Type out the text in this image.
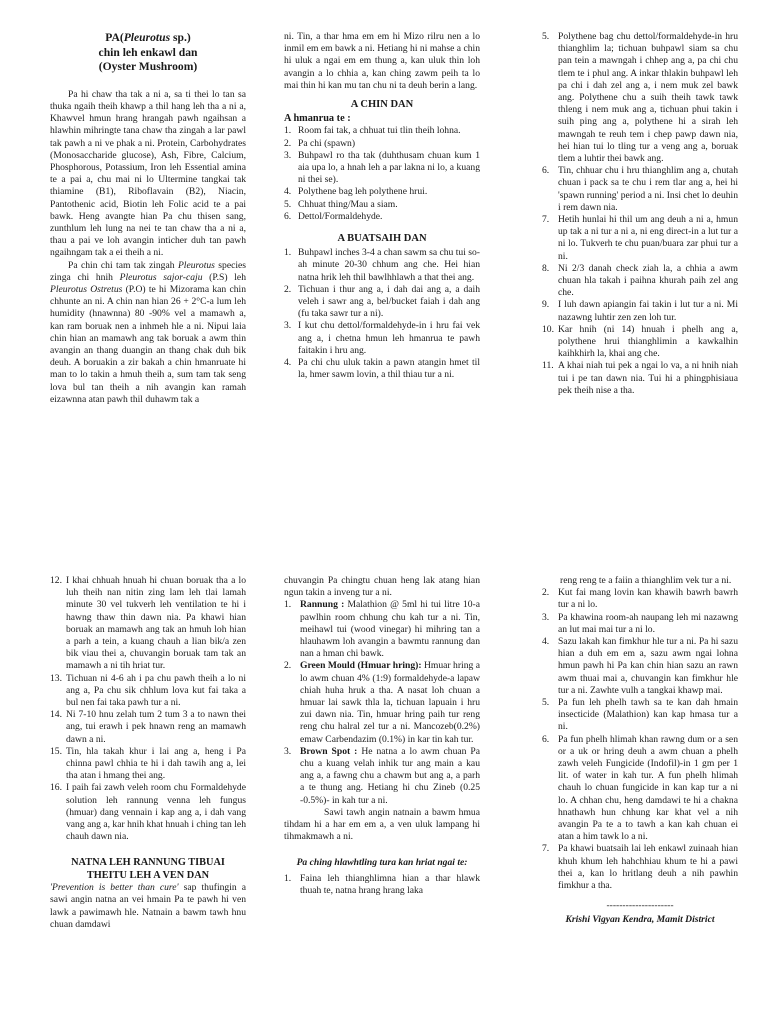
PA(Pleurotus sp.)
chin leh enkawl dan
(Oyster Mushroom)

Pa hi chaw tha tak a ni a, sa ti thei lo tan sa thuka ngaih theih khawp a thil hang leh tha a ni a, Khawvel hmun hrang hrangah pawh ngaihsan a hlawhin mihringte tana chaw tha zingah a lar pawl tak pawh a ni ve phak a ni. Protein, Carbohydrates (Monosaccharide glucose), Ash, Fibre, Calcium, Phosphorous, Potassium, Iron leh Essential amina te a pai a, chu mai ni lo Ultermine tangkai tak thiamine (B1), Riboflavain (B2), Niacin, Pantothenic acid, Biotin leh Folic acid te a pai bawk. Heng avangte hian Pa chu thisen sang, zunthlum leh lung na nei te tan chaw tha a ni a, thau a pai ve loh avangin inticher duh tan pawh ngaihngam tak a ei theih a ni.

Pa chin chi tam tak zingah Pleurotus species zinga chi hnih Pleurotus sajor-caju (P.S) leh Pleurotus Ostretus (P.O) te hi Mizorama kan chin chhunte an ni. A chin nan hian 26 + 2°C-a lum leh humidity (hnawnna) 80 -90% vel a mamawh a, kan ram boruak nen a inhmeh hle a ni. Nipui laia chin hian an mamawh ang tak boruak a awm thin avangin an thang duangin an thang chak duh bik deuh. A boruakin a zir bakah a chin hmanruate hi man to lo takin a hmuh theih a, sum tam tak seng lova bul tan theih a nih avangin kan ramah eizawnna atan pawh thil duhawm tak a

ni. Tin, a thar hma em em hi Mizo rilru nen a lo inmil em em bawk a ni. Hetiang hi ni mahse a chin hi uluk a ngai em em thung a, kan uluk thin loh avangin a lo chhia a, kan ching zawm peih ta lo mai thin hi kan mu tan chu ni ta deuh berin a lang.

A CHIN DAN
A hmanrua te :
1. Room fai tak, a chhuat tui tlin theih lohna.
2. Pa chi (spawn)
3. Buhpawl ro tha tak (duhthusam chuan kum 1 aia upa lo, a hnah leh a par lakna ni lo, a kuang ni thei se).
4. Polythene bag leh polythene hrui.
5. Chhuat thing/Mau a siam.
6. Dettol/Formaldehyde.
A BUATSAIH DAN
1. Buhpawl inches 3-4 a chan sawm sa chu tui so-ah minute 20-30 chhum ang che. Hei hian natna hrik leh thil bawlhhlawh a that thei ang.
2. Tichuan i thur ang a, i dah dai ang a, a daih veleh i sawr ang a, bel/bucket faiah i dah ang (fu taka sawr tur a ni).
3. I kut chu dettol/formaldehyde-in i hru fai vek ang a, i chetna hmun leh hmanrua te pawh faitakin i hru ang.
4. Pa chi chu uluk takin a pawn atangin hmet til la, hmer sawm lovin, a thil thiau tur a ni.
5. Polythene bag chu dettol/formaldehyde-in hru thianghlim la; tichuan buhpawl siam sa chu pan tein a mawngah i chhep ang a, pa chi chu tlem te i phul ang. A inkar thlakin buhpawl leh pa chi i dah zel ang a, i nem muk zel bawk ang. Polythene chu a suih theih tawk tawk thleng i nem muk ang a, tichuan phui takin i suih ping ang a, polythene hi a sirah leh mawngah te reuh tem i chep pawp dawn nia, hei hian tui lo tling tur a veng ang a, boruak tlem a luhtir thei bawk ang.
6. Tin, chhuar chu i hru thianghlim ang a, chutah chuan i pack sa te chu i rem tlar ang a, hei hi 'spawn running' period a ni. Insi chet lo deuhin i rem dawn nia.
7. Hetih hunlai hi thil um ang deuh a ni a, hmun up tak a ni tur a ni a, ni eng direct-in a lut tur a ni lo. Tukverh te chu puan/buara zar phui tur a ni.
8. Ni 2/3 danah check ziah la, a chhia a awm chuan hla takah i paihna khurah paih zel ang che.
9. I luh dawn apiangin fai takin i lut tur a ni. Mi nazawng luhtir zen zen loh tur.
10. Kar hnih (ni 14) hnuah i phelh ang a, polythene hrui thianghlimin a kawkalhin kaihkhirh la, khai ang che.
11. A khai niah tui pek a ngai lo va, a ni hnih niah tui i pe tan dawn nia. Tui hi a phingphisiaua pek theih nise a tha.
12. I khai chhuah hnuah hi chuan boruak tha a lo luh theih nan nitin zing lam leh tlai lamah minute 30 vel tukverh leh ventilation te hi i hawng thaw thin dawn nia. Pa khawi hian boruak an mamawh ang tak an hmuh loh hian a parh a tein, a kuang chauh a lian bik/a zen bik viau thei a, chuvangin boruak tam tak an mamawh a ni tih hriat tur.
13. Tichuan ni 4-6 ah i pa chu pawh theih a lo ni ang a, Pa chu sik chhlum lova kut fai taka a bul nen fai taka pawh tur a ni.
14. Ni 7-10 hnu zelah tum 2 tum 3 a to nawn thei ang, tui erawh i pek hnawn reng an mamawh dawn a ni.
15. Tin, hla takah khur i lai ang a, heng i Pa chinna pawl chhia te hi i dah tawih ang a, lei tha atan i hmang thei ang.
16. I paih fai zawh veleh room chu Formaldehyde solution leh rannung venna leh fungus (hmuar) dang vennain i kap ang a, i dah vang vang ang a, kar hnih khat hnuah i ching tan leh chauh dawn nia.
NATNA LEH RANNUNG TIBUAI THEITU LEH A VEN DAN

'Prevention is better than cure' sap thufingin a sawi angin natna an vei hmain Pa te pawh hi ven lawk a pawimawh hle. Natnain a bawm tawh hnu chuan damdawi

chuvangin Pa chingtu chuan heng lak atang hian ngun takin a inveng tur a ni.

1. Rannung : Malathion @ 5ml hi tui litre 10-a pawlhin room chhung chu kah tur a ni. Tin, meihawl tui (wood vinegar) hi mihring tan a hlauhawm loh avangin a bawmtu rannung dan nan a hman chi bawk.
2. Green Mould (Hmuar hring): Hmuar hring a lo awm chuan 4% (1:9) formaldehyde-a lapaw chiah huha hruk a tha. A nasat loh chuan a hmuar lai sawk thla la, tichuan lapuain i hru zui dawn nia. Tin, hmuar hring paih tur reng reng chu halral zel tur a ni. Mancozeb(0.2%) emaw Carbendazim (0.1%) in kar tin kah tur.
3. Brown Spot : He natna a lo awm chuan Pa chu a kuang velah inhik tur ang main a kau ang a, a fawng chu a chawm but ang a, a parh a te thung ang. Hetiang hi chu Zineb (0.25 -0.5%)- in kah tur a ni.

Sawi tawh angin natnain a bawm hmua tihdam hi a har em em a, a ven uluk lampang hi tihmakmawh a ni.

Pa ching hlawhtling tura kan hriat ngai te:
1. Faina leh thianghlimna hian a thar hlawk thuah te, natna hrang hrang laka

reng reng te a faiin a thianghlim vek tur a ni.

2. Kut fai mang lovin kan khawih bawrh bawrh tur a ni lo.
3. Pa khawina room-ah naupang leh mi nazawng an lut mai mai tur a ni lo.
4. Sazu lakah kan fimkhur hle tur a ni. Pa hi sazu hian a duh em em a, sazu awm ngai lohna hmun pawh hi Pa kan chin hian sazu an rawn awm thuai mai a, chuvangin kan fimkhur hle tur a ni. Zawhte vulh a tangkai khawp mai.
5. Pa fun leh phelh tawh sa te kan dah hmain insecticide (Malathion) kan kap hmasa tur a ni.
6. Pa fun phelh hlimah khan rawng dum or a sen or a uk or hring deuh a awm chuan a phelh zawh veleh Fungicide (Indofil)-in 1 gm per 1 lit. of water in kah tur. A fun phelh hlimah chauh lo chuan fungicide in kan kap tur a ni lo. A chhan chu, heng damdawi te hi a chakna hnathawh hun chhung kar khat vel a nih avangin Pa te a to tawh a kan kah chuan ei atan a him tawk lo a ni.
7. Pa khawi buatsaih lai leh enkawl zuinaah hian khuh khum leh hahchhiau khum te hi a pawi thei a, kan lo hritlang deuh a nih pawhin fimkhur a tha.
---------------------
Krishi Vigyan Kendra, Mamit District
